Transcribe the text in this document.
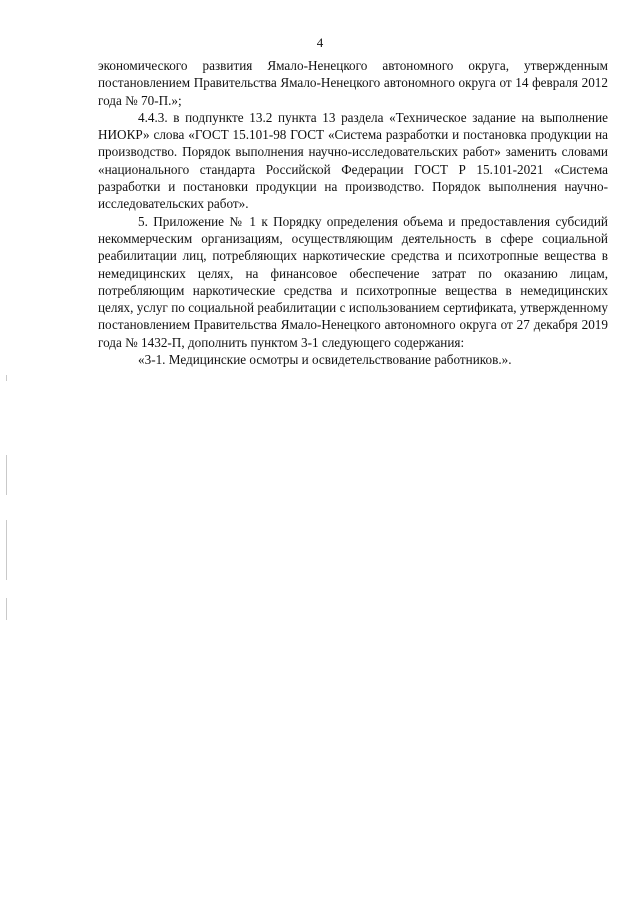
4

экономического развития Ямало-Ненецкого автономного округа, утвержденным постановлением Правительства Ямало-Ненецкого автономного округа от 14 февраля 2012 года № 70-П.»;

4.4.3. в подпункте 13.2 пункта 13 раздела «Техническое задание на выполнение НИОКР» слова «ГОСТ 15.101-98 ГОСТ «Система разработки и постановка продукции на производство. Порядок выполнения научно-исследовательских работ» заменить словами «национального стандарта Российской Федерации ГОСТ Р 15.101-2021 «Система разработки и постановки продукции на производство. Порядок выполнения научно-исследовательских работ».

5. Приложение № 1 к Порядку определения объема и предоставления субсидий некоммерческим организациям, осуществляющим деятельность в сфере социальной реабилитации лиц, потребляющих наркотические средства и психотропные вещества в немедицинских целях, на финансовое обеспечение затрат по оказанию лицам, потребляющим наркотические средства и психотропные вещества в немедицинских целях, услуг по социальной реабилитации с использованием сертификата, утвержденному постановлением Правительства Ямало-Ненецкого автономного округа от 27 декабря 2019 года № 1432-П, дополнить пунктом 3-1 следующего содержания:

«3-1. Медицинские осмотры и освидетельствование работников.».
